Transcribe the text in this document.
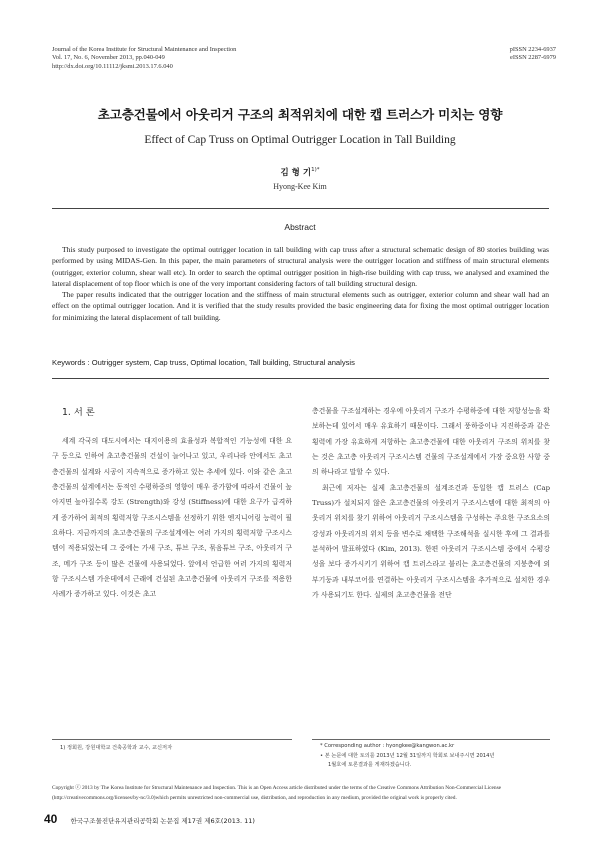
Journal of the Korea Institute for Structural Maintenance and Inspection
Vol. 17, No. 6, November 2013, pp.040-049
http://dx.doi.org/10.11112/jksmi.2013.17.6.040
pISSN 2234-6937
eISSN 2287-6979
초고층건물에서 아웃리거 구조의 최적위치에 대한 캡 트러스가 미치는 영향
Effect of Cap Truss on Optimal Outrigger Location in Tall Building
김 형 기$^{1)*}$
Hyong-Kee Kim
Abstract

This study purposed to investigate the optimal outrigger location in tall building with cap truss after a structural schematic design of 80 stories building was performed by using MIDAS-Gen. In this paper, the main parameters of structural analysis were the outrigger location and stiffness of main structural elements (outrigger, exterior column, shear wall etc). In order to search the optimal outrigger position in high-rise building with cap truss, we analysed and examined the lateral displacement of top floor which is one of the very important considering factors of tall building structural design.

The paper results indicated that the outrigger location and the stiffness of main structural elements such as outrigger, exterior column and shear wall had an effect on the optimal outrigger location. And it is verified that the study results provided the basic engineering data for fixing the most optimal outrigger location for minimizing the lateral displacement of tall building.

Keywords : Outrigger system, Cap truss, Optimal location, Tall building, Structural analysis
1. 서 론

세계 각국의 대도시에서는 대지이용의 효율성과 복합적인 기능성에 대한 요구 등으로 인하여 초고층건물의 건설이 늘어나고 있고, 우리나라 안에서도 초고층건물의 설계와 시공이 지속적으로 증가하고 있는 추세에 있다. 이와 같은 초고층건물의 설계에서는 동적인 수평하중의 영향이 매우 증가함에 따라서 건물이 높아지면 높아질수록 강도 (Strength)와 강성 (Stiffness)에 대한 요구가 급격하게 증가하여 최적의 횡력저항 구조시스템을 선정하기 위한 엔지니어링 능력이 필요하다. 지금까지의 초고층건물의 구조설계에는 여러 가지의 횡력저항 구조시스템이 적용되었는데 그 중에는 가새 구조, 튜브 구조, 묶음튜브 구조, 아웃리거 구조, 메가 구조 등이 많은 건물에 사용되었다. 앞에서 언급한 여러 가지의 횡력저항 구조시스템 가운데에서 근래에 건설된 초고층건물에 아웃리거 구조를 적용한 사례가 증가하고 있다. 이것은 초고

층건물을 구조설계하는 경우에 아웃리거 구조가 수평하중에 대한 저항성능을 확보하는데 있어서 매우 유효하기 때문이다. 그래서 풍하중이나 지진하중과 같은 횡력에 가장 유효하게 저항하는 초고층건물에 대한 아웃리거 구조의 위치를 찾는 것은 초고층 아웃리거 구조시스템 건물의 구조설계에서 가장 중요한 사항 중의 하나라고 말할 수 있다.

최근에 저자는 실제 초고층건물의 설계조건과 동일한 캡 트러스 (Cap Truss)가 설치되지 않은 초고층건물의 아웃리거 구조시스템에 대한 최적의 아웃리거 위치를 찾기 위하여 아웃리거 구조시스템을 구성하는 주요한 구조요소의 강성과 아웃리거의 위치 등을 변수로 채택한 구조해석을 실시한 후에 그 결과를 분석하여 발표하였다 (Kim, 2013). 한편 아웃리거 구조시스템 중에서 수평강성을 보다 증가시키기 위하여 캡 트러스라고 불리는 초고층건물의 지붕층에 외부기둥과 내부코어를 연결하는 아웃리거 구조시스템을 추가적으로 설치한 경우가 사용되기도 한다. 실제의 초고층건물을 전단

1) 정회원, 강원대학교 건축공학과 교수, 교신저자	* Corresponding author : hyongkee@kangwon.ac.kr
• 본 논문에 대한 토의를 2013년 12월 31일까지 학회로 보내주시면 2014년
1월호에 토론결과를 게재하겠습니다.
Copyright ⓒ 2013 by The Korea Institute for Structural Maintenance and Inspection. This is an Open Access article distributed under the terms of the Creative Commons Attribution Non-Commercial License (http://creativecommons.org/licenses/by-nc/3.0)which permits unrestricted non-commercial use, distribution, and reproduction in any medium, provided the original work is properly cited.
40 한국구조물진단유지관리공학회 논문집 제17권 제6호(2013. 11)
